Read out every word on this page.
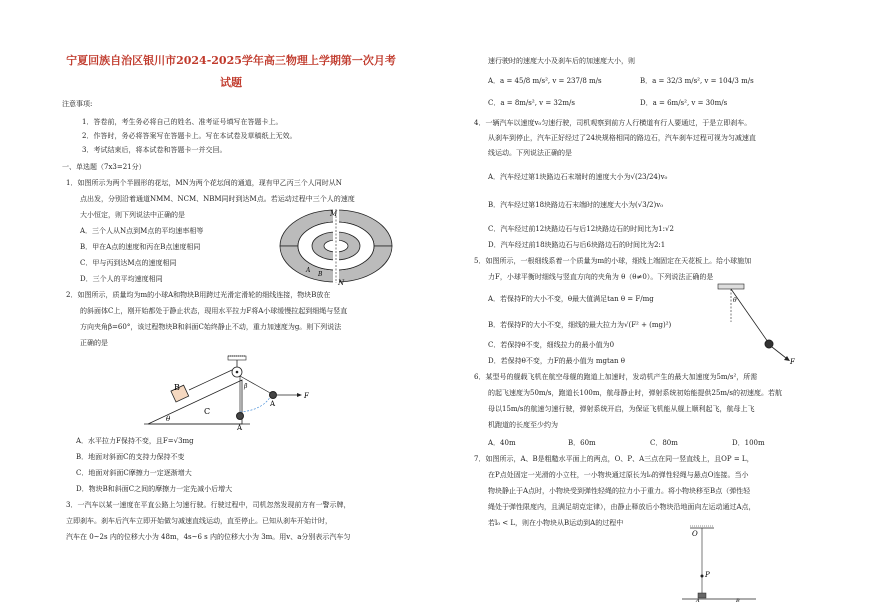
宁夏回族自治区银川市2024-2025学年高三物理上学期第一次月考
试题
注意事项:
1．答卷前，考生务必将自己的姓名、准考证号填写在答题卡上。
2．作答时，务必将答案写在答题卡上。写在本试卷及草稿纸上无效。
3．考试结束后，将本试卷和答题卡一并交回。
一、单选题（7x3=21分）
1．如图所示为两个半圆形的花坛，MN为两个花坛间的通道，现有甲乙丙三个人同时从N
点出发，分别沿着通道NMM、NCM、NBM同时到达M点。若运动过程中三个人的速度
大小恒定，则下列说法中正确的是
A．三个人从N点到M点的平均速率相等
B．甲在A点的速度和丙在B点速度相同
C．甲与丙到达M点的速度相同
D．三个人的平均速度相同
M
N
A
B
2．如图所示，质量均为m的小球A和物块B用跨过光滑定滑轮的细线连接，物块B放在
的斜面体C上，刚开始都处于静止状态，现用水平拉力F将A小球缓慢拉起到细绳与竖直
方向夹角β=60°，该过程物块B和斜面C始终静止不动，重力加速度为g。则下列说法
正确的是
B
C
θ
β
A
A
F
A．水平拉力F保持不变，且F=√3mg
B．地面对斜面C的支持力保持不变
C．地面对斜面C摩擦力一定逐渐增大
D．物块B和斜面C之间的摩擦力一定先减小后增大
3．一汽车以某一速度在平直公路上匀速行驶。行驶过程中，司机忽然发现前方有一警示牌，
立即刹车。刹车后汽车立即开始做匀减速直线运动，直至停止。已知从刹车开始计时，
汽车在 0~2s 内的位移大小为 48m，4s~6 s 内的位移大小为 3m。用v、a分别表示汽车匀
速行驶时的速度大小及刹车后的加速度大小，则
A．a = 45/8 m/s², v = 237/8 m/s	B．a = 32/3 m/s², v = 104/3 m/s
C．a = 8m/s², v = 32m/s	D．a = 6m/s², v = 30m/s
4．一辆汽车以速度v₀匀速行驶，司机观察到前方人行横道有行人要通过，于是立即刹车。
从刹车到停止，汽车正好经过了24块规格相同的路边石，汽车刹车过程可视为匀减速直
线运动。下列说法正确的是
A．汽车经过第1块路边石末端时的速度大小为√(23/24)v₀
B．汽车经过第18块路边石末端时的速度大小为(√3/2)v₀
C．汽车经过前12块路边石与后12块路边石的时间比为1:√2
D．汽车经过前18块路边石与后6块路边石的时间比为2:1
5．如图所示，一根细线系着一个质量为m的小球，细线上端固定在天花板上。给小球施加
力F，小球平衡时细线与竖直方向的夹角为 θ（θ≠0）。下列说法正确的是
A．若保持F的大小不变，θ最大值满足tan θ = F/mg
B．若保持F的大小不变，细线的最大拉力为√(F² + (mg)²)
C．若保持θ不变，细线拉力的最小值为0
D．若保持θ不变，力F的最小值为 mgtan θ
θ
F
6．某型号的舰载飞机在航空母舰的跑道上加速时，发动机产生的最大加速度为5m/s²，所需
的起飞速度为50m/s，跑道长100m，航母静止时，弹射系统初始能提供25m/s的初速度。若航
母以15m/s的航速匀速行驶，弹射系统开启，为保证飞机能从舰上顺利起飞，航母上飞
机跑道的长度至少约为
A．40m	B．60m	C．80m	D．100m
7．如图所示，A、B是粗糙水平面上的两点，O、P、A三点在同一竖直线上，且OP = L，
在P点处固定一光滑的小立柱，一小物块通过原长为l₀的弹性轻绳与悬点O连接。当小
物块静止于A点时，小物块受到弹性轻绳的拉力小于重力。将小物块移至B点（弹性轻
绳处于弹性限度内，且满足胡克定律），由静止释放后小物块沿地面向左运动通过A点，
若l₀ < L，则在小物块从B运动到A的过程中
O
P
A	B
